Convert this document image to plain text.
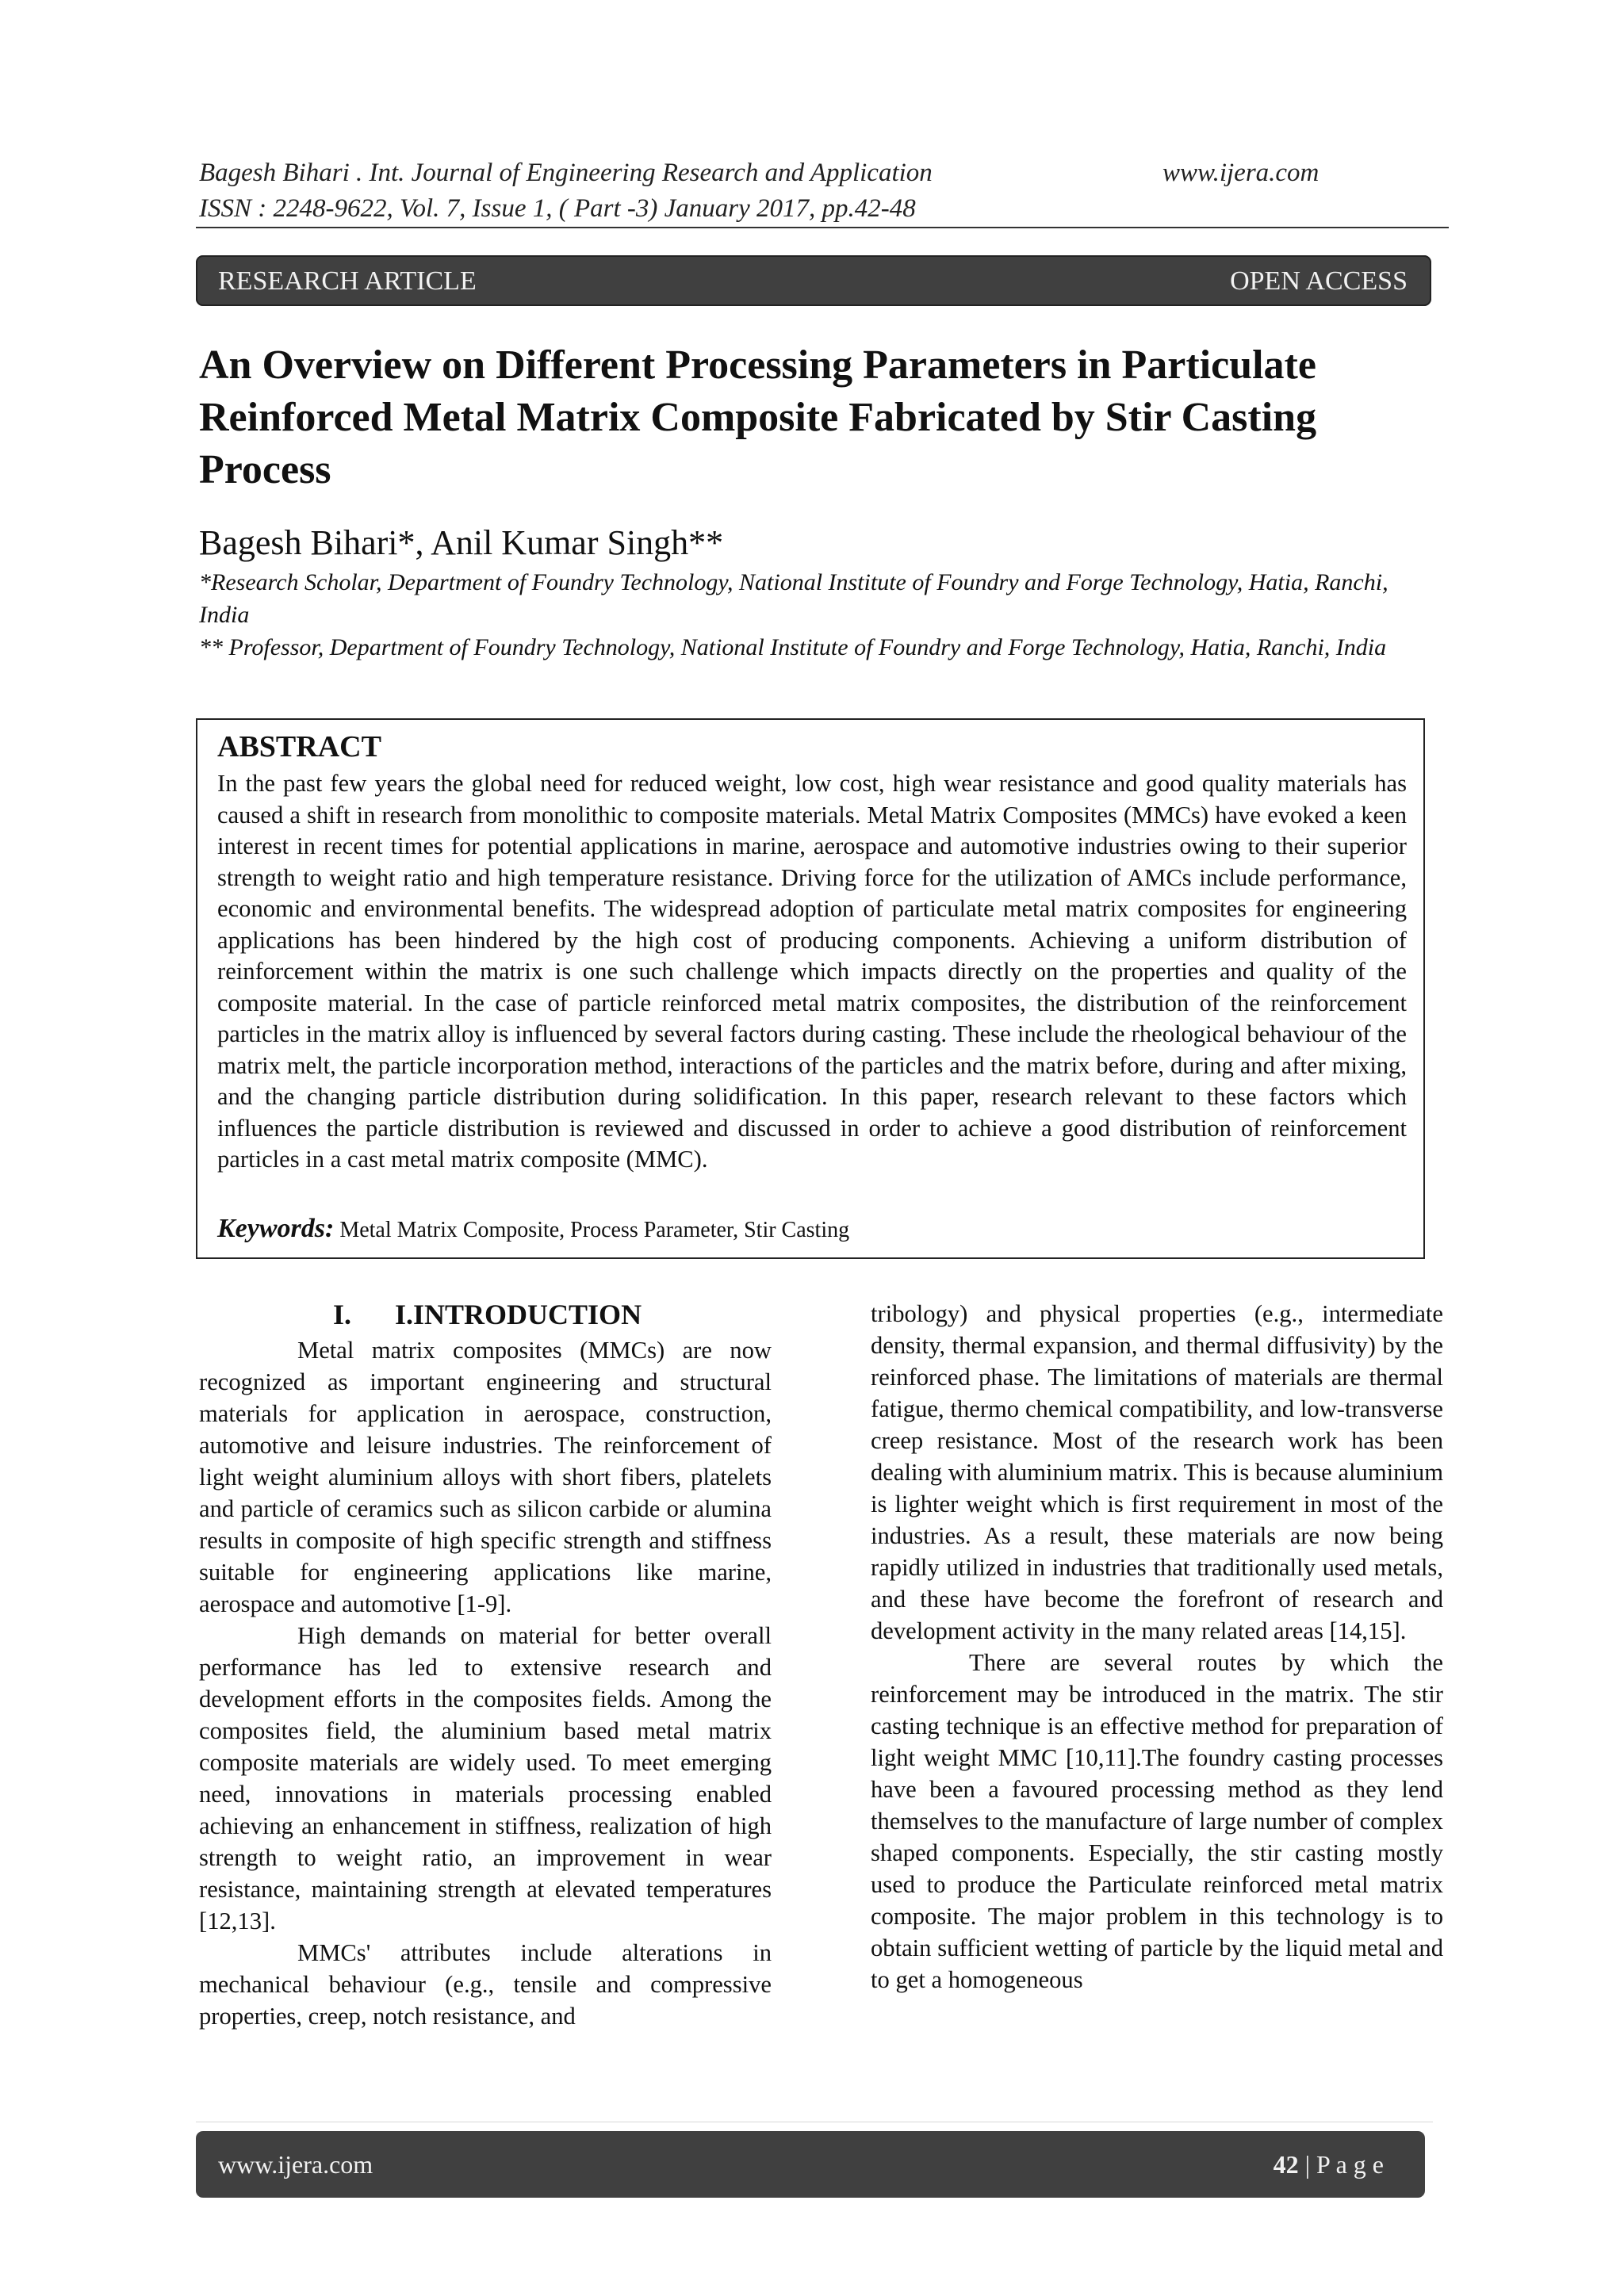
Bagesh Bihari . Int. Journal of Engineering Research and Application	www.ijera.com
ISSN : 2248-9622, Vol. 7, Issue 1, ( Part -3) January 2017, pp.42-48
RESEARCH ARTICLE	OPEN ACCESS
An Overview on Different Processing Parameters in Particulate Reinforced Metal Matrix Composite Fabricated by Stir Casting Process
Bagesh Bihari*, Anil Kumar Singh**
*Research Scholar, Department of Foundry Technology, National Institute of Foundry and Forge Technology, Hatia, Ranchi, India
** Professor, Department of Foundry Technology, National Institute of Foundry and Forge Technology, Hatia, Ranchi, India
ABSTRACT
In the past few years the global need for reduced weight, low cost, high wear resistance and good quality materials has caused a shift in research from monolithic to composite materials. Metal Matrix Composites (MMCs) have evoked a keen interest in recent times for potential applications in marine, aerospace and automotive industries owing to their superior strength to weight ratio and high temperature resistance. Driving force for the utilization of AMCs include performance, economic and environmental benefits. The widespread adoption of particulate metal matrix composites for engineering applications has been hindered by the high cost of producing components. Achieving a uniform distribution of reinforcement within the matrix is one such challenge which impacts directly on the properties and quality of the composite material. In the case of particle reinforced metal matrix composites, the distribution of the reinforcement particles in the matrix alloy is influenced by several factors during casting. These include the rheological behaviour of the matrix melt, the particle incorporation method, interactions of the particles and the matrix before, during and after mixing, and the changing particle distribution during solidification. In this paper, research relevant to these factors which influences the particle distribution is reviewed and discussed in order to achieve a good distribution of reinforcement particles in a cast metal matrix composite (MMC).
Keywords: Metal Matrix Composite, Process Parameter, Stir Casting
I. I.INTRODUCTION

Metal matrix composites (MMCs) are now recognized as important engineering and structural materials for application in aerospace, construction, automotive and leisure industries. The reinforcement of light weight aluminium alloys with short fibers, platelets and particle of ceramics such as silicon carbide or alumina results in composite of high specific strength and stiffness suitable for engineering applications like marine, aerospace and automotive [1-9].

High demands on material for better overall performance has led to extensive research and development efforts in the composites fields. Among the composites field, the aluminium based metal matrix composite materials are widely used. To meet emerging need, innovations in materials processing enabled achieving an enhancement in stiffness, realization of high strength to weight ratio, an improvement in wear resistance, maintaining strength at elevated temperatures [12,13].

MMCs' attributes include alterations in mechanical behaviour (e.g., tensile and compressive properties, creep, notch resistance, and

tribology) and physical properties (e.g., intermediate density, thermal expansion, and thermal diffusivity) by the reinforced phase. The limitations of materials are thermal fatigue, thermo chemical compatibility, and low-transverse creep resistance. Most of the research work has been dealing with aluminium matrix. This is because aluminium is lighter weight which is first requirement in most of the industries. As a result, these materials are now being rapidly utilized in industries that traditionally used metals, and these have become the forefront of research and development activity in the many related areas [14,15].

There are several routes by which the reinforcement may be introduced in the matrix. The stir casting technique is an effective method for preparation of light weight MMC [10,11].The foundry casting processes have been a favoured processing method as they lend themselves to the manufacture of large number of complex shaped components. Especially, the stir casting mostly used to produce the Particulate reinforced metal matrix composite. The major problem in this technology is to obtain sufficient wetting of particle by the liquid metal and to get a homogeneous

www.ijera.com	42 | P a g e
